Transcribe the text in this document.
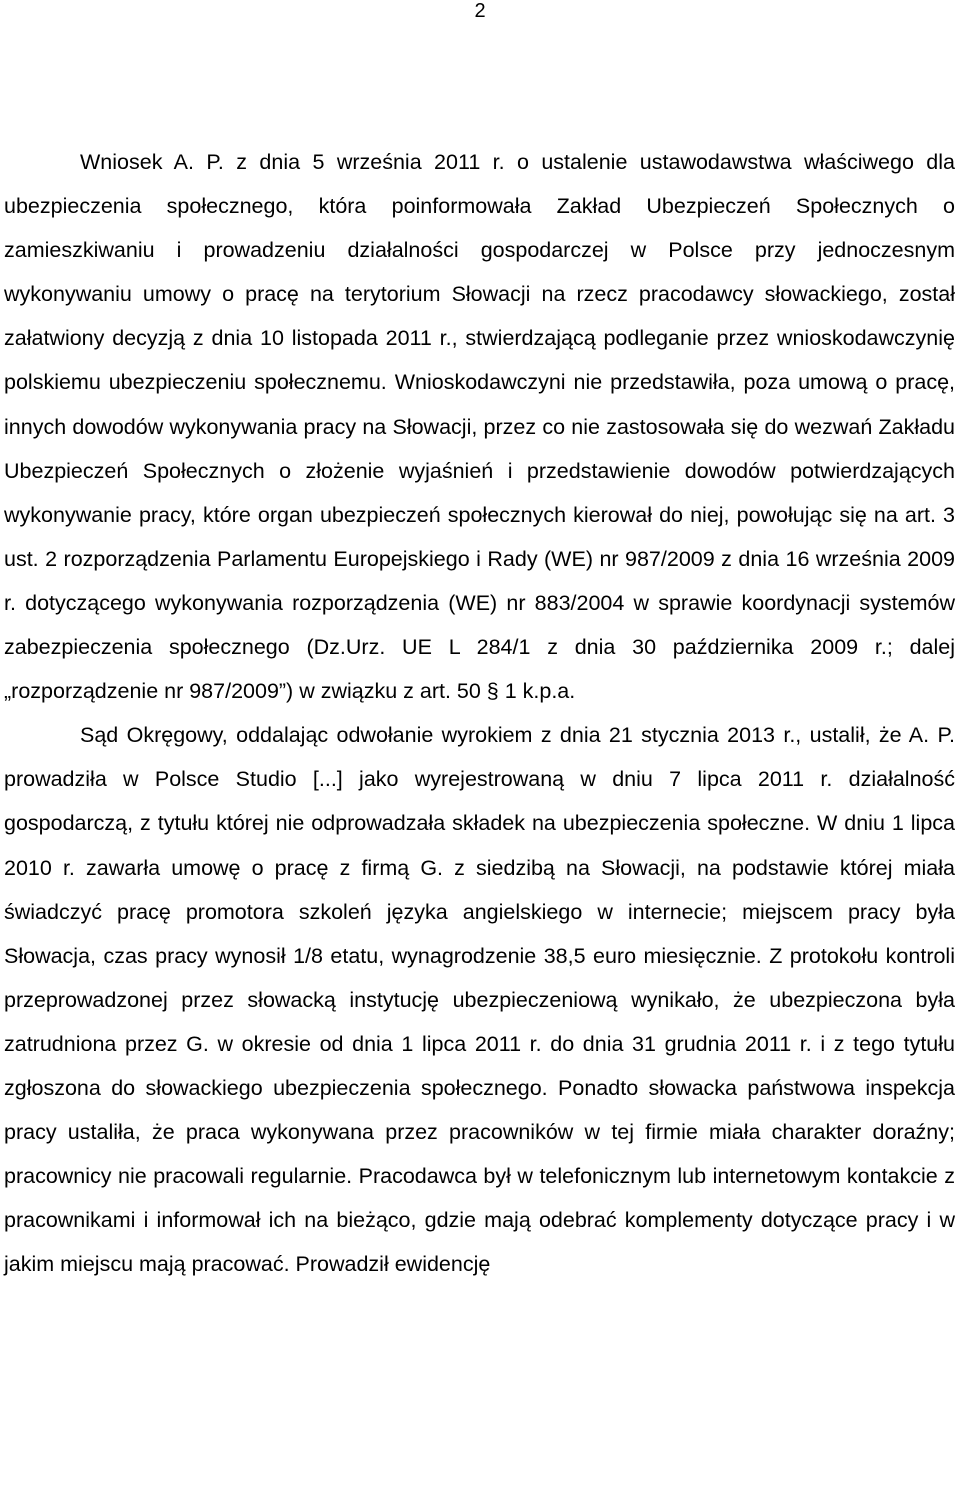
2

Wniosek A. P. z dnia 5 września 2011 r. o ustalenie ustawodawstwa właściwego dla ubezpieczenia społecznego, która poinformowała Zakład Ubezpieczeń Społecznych o zamieszkiwaniu i prowadzeniu działalności gospodarczej w Polsce przy jednoczesnym wykonywaniu umowy o pracę na terytorium Słowacji na rzecz pracodawcy słowackiego, został załatwiony decyzją z dnia 10 listopada 2011 r., stwierdzającą podleganie przez wnioskodawczynię polskiemu ubezpieczeniu społecznemu. Wnioskodawczyni nie przedstawiła, poza umową o pracę, innych dowodów wykonywania pracy na Słowacji, przez co nie zastosowała się do wezwań Zakładu Ubezpieczeń Społecznych o złożenie wyjaśnień i przedstawienie dowodów potwierdzających wykonywanie pracy, które organ ubezpieczeń społecznych kierował do niej, powołując się na art. 3 ust. 2 rozporządzenia Parlamentu Europejskiego i Rady (WE) nr 987/2009 z dnia 16 września 2009 r. dotyczącego wykonywania rozporządzenia (WE) nr 883/2004 w sprawie koordynacji systemów zabezpieczenia społecznego (Dz.Urz. UE L 284/1 z dnia 30 października 2009 r.; dalej „rozporządzenie nr 987/2009”) w związku z art. 50 § 1 k.p.a.

Sąd Okręgowy, oddalając odwołanie wyrokiem z dnia 21 stycznia 2013 r., ustalił, że A. P. prowadziła w Polsce Studio [...] jako wyrejestrowaną w dniu 7 lipca 2011 r. działalność gospodarczą, z tytułu której nie odprowadzała składek na ubezpieczenia społeczne. W dniu 1 lipca 2010 r. zawarła umowę o pracę z firmą G. z siedzibą na Słowacji, na podstawie której miała świadczyć pracę promotora szkoleń języka angielskiego w internecie; miejscem pracy była Słowacja, czas pracy wynosił 1/8 etatu, wynagrodzenie 38,5 euro miesięcznie. Z protokołu kontroli przeprowadzonej przez słowacką instytucję ubezpieczeniową wynikało, że ubezpieczona była zatrudniona przez G. w okresie od dnia 1 lipca 2011 r. do dnia 31 grudnia 2011 r. i z tego tytułu zgłoszona do słowackiego ubezpieczenia społecznego. Ponadto słowacka państwowa inspekcja pracy ustaliła, że praca wykonywana przez pracowników w tej firmie miała charakter doraźny; pracownicy nie pracowali regularnie. Pracodawca był w telefonicznym lub internetowym kontakcie z pracownikami i informował ich na bieżąco, gdzie mają odebrać komplementy dotyczące pracy i w jakim miejscu mają pracować. Prowadził ewidencję
